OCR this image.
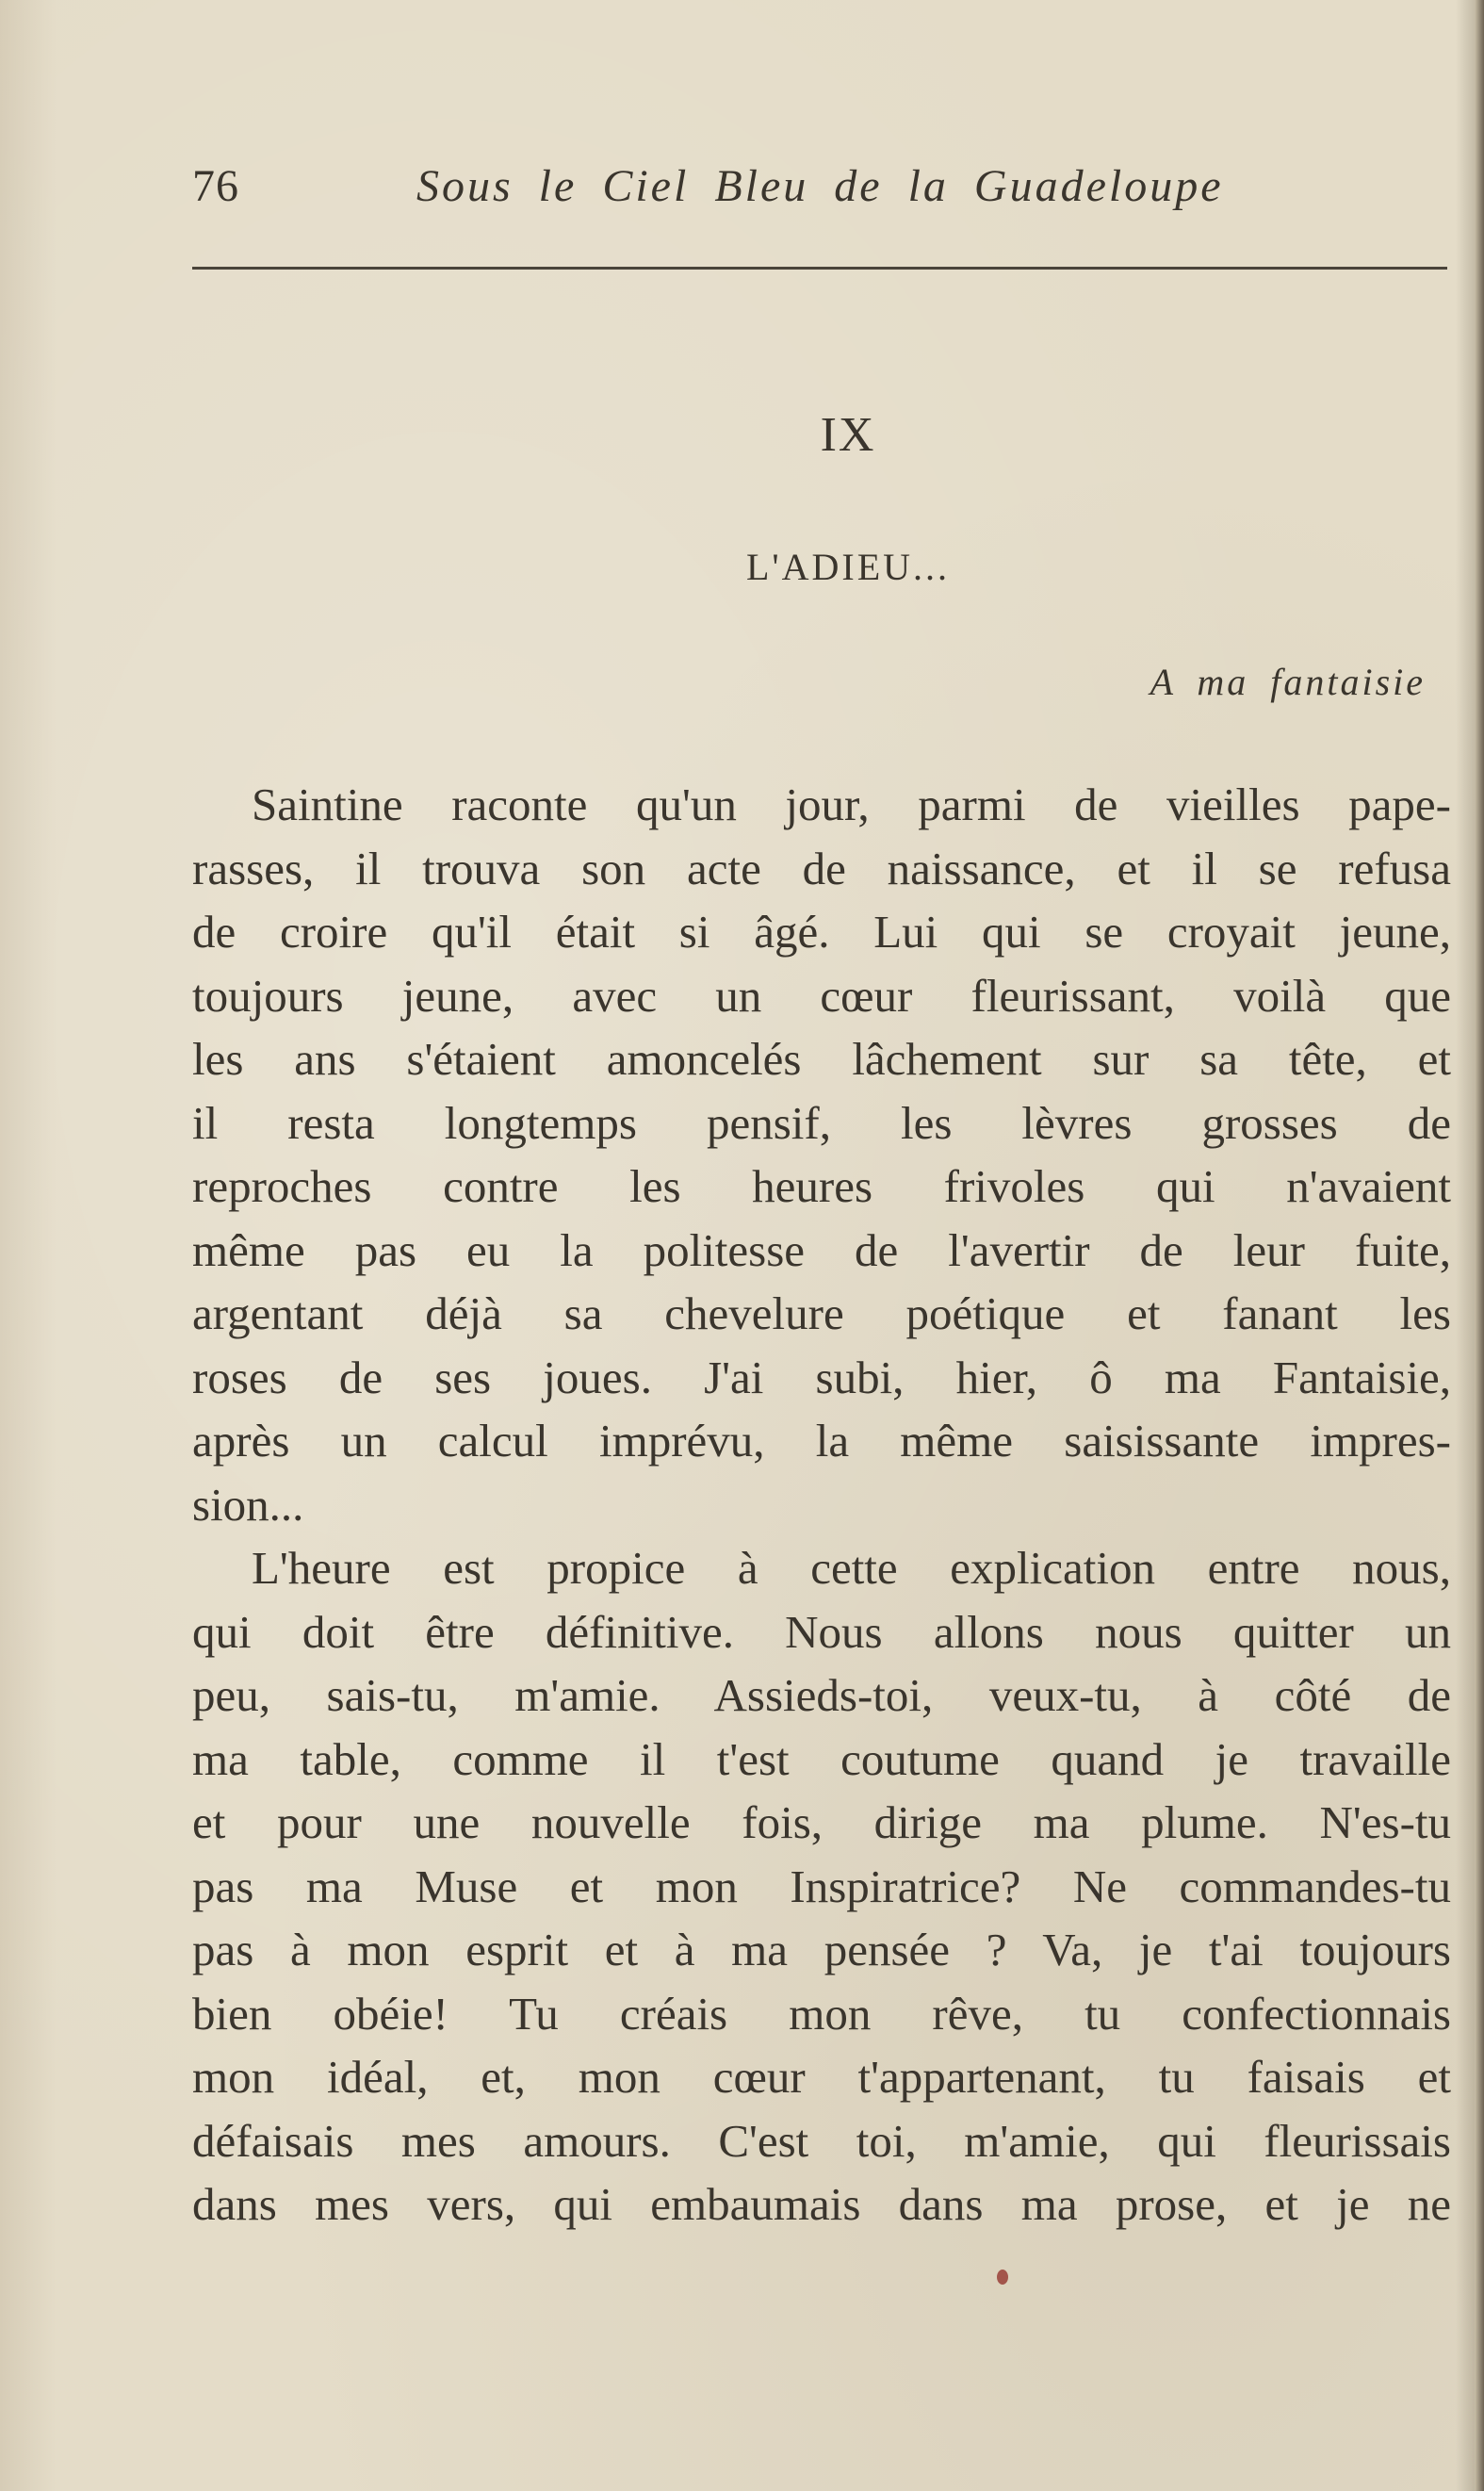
76	Sous le Ciel Bleu de la Guadeloupe
IX
L'ADIEU...
A ma fantaisie

Saintine raconte qu'un jour, parmi de vieilles pape-
rasses, il trouva son acte de naissance, et il se refusa
de croire qu'il était si âgé. Lui qui se croyait jeune,
toujours jeune, avec un cœur fleurissant, voilà que
les ans s'étaient amoncelés lâchement sur sa tête, et
il resta longtemps pensif, les lèvres grosses de
reproches contre les heures frivoles qui n'avaient
même pas eu la politesse de l'avertir de leur fuite,
argentant déjà sa chevelure poétique et fanant les
roses de ses joues. J'ai subi, hier, ô ma Fantaisie,
après un calcul imprévu, la même saisissante impres-
sion...

L'heure est propice à cette explication entre nous,
qui doit être définitive. Nous allons nous quitter un
peu, sais-tu, m'amie. Assieds-toi, veux-tu, à côté de
ma table, comme il t'est coutume quand je travaille
et pour une nouvelle fois, dirige ma plume. N'es-tu
pas ma Muse et mon Inspiratrice? Ne commandes-tu
pas à mon esprit et à ma pensée ? Va, je t'ai toujours
bien obéie! Tu créais mon rêve, tu confectionnais
mon idéal, et, mon cœur t'appartenant, tu faisais et
défaisais mes amours. C'est toi, m'amie, qui fleurissais
dans mes vers, qui embaumais dans ma prose, et je ne
